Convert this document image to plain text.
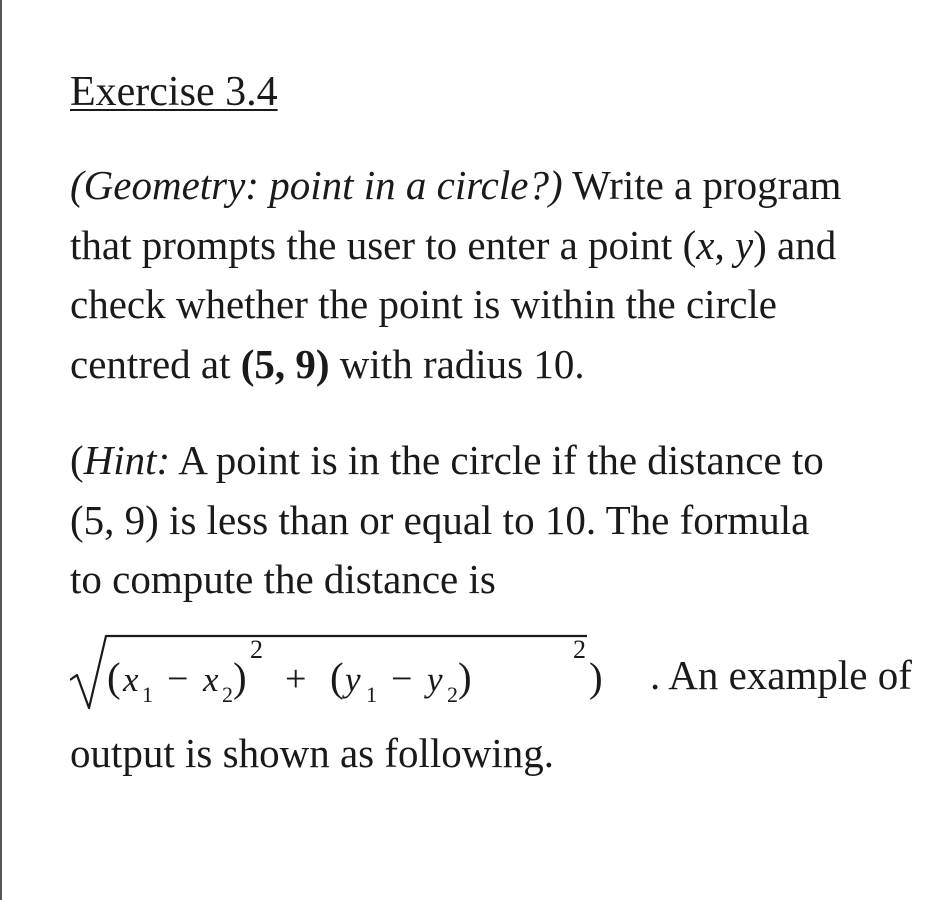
Exercise 3.4
(Geometry: point in a circle?) Write a program
that prompts the user to enter a point (x, y) and
check whether the point is within the circle
centred at (5, 9) with radius 10.
(Hint: A point is in the circle if the distance to
(5, 9) is less than or equal to 10. The formula
to compute the distance is
( x 1 − x 2 )
2
+ ( y 1 − y 2 )
2
) . An example of
output is shown as following.
